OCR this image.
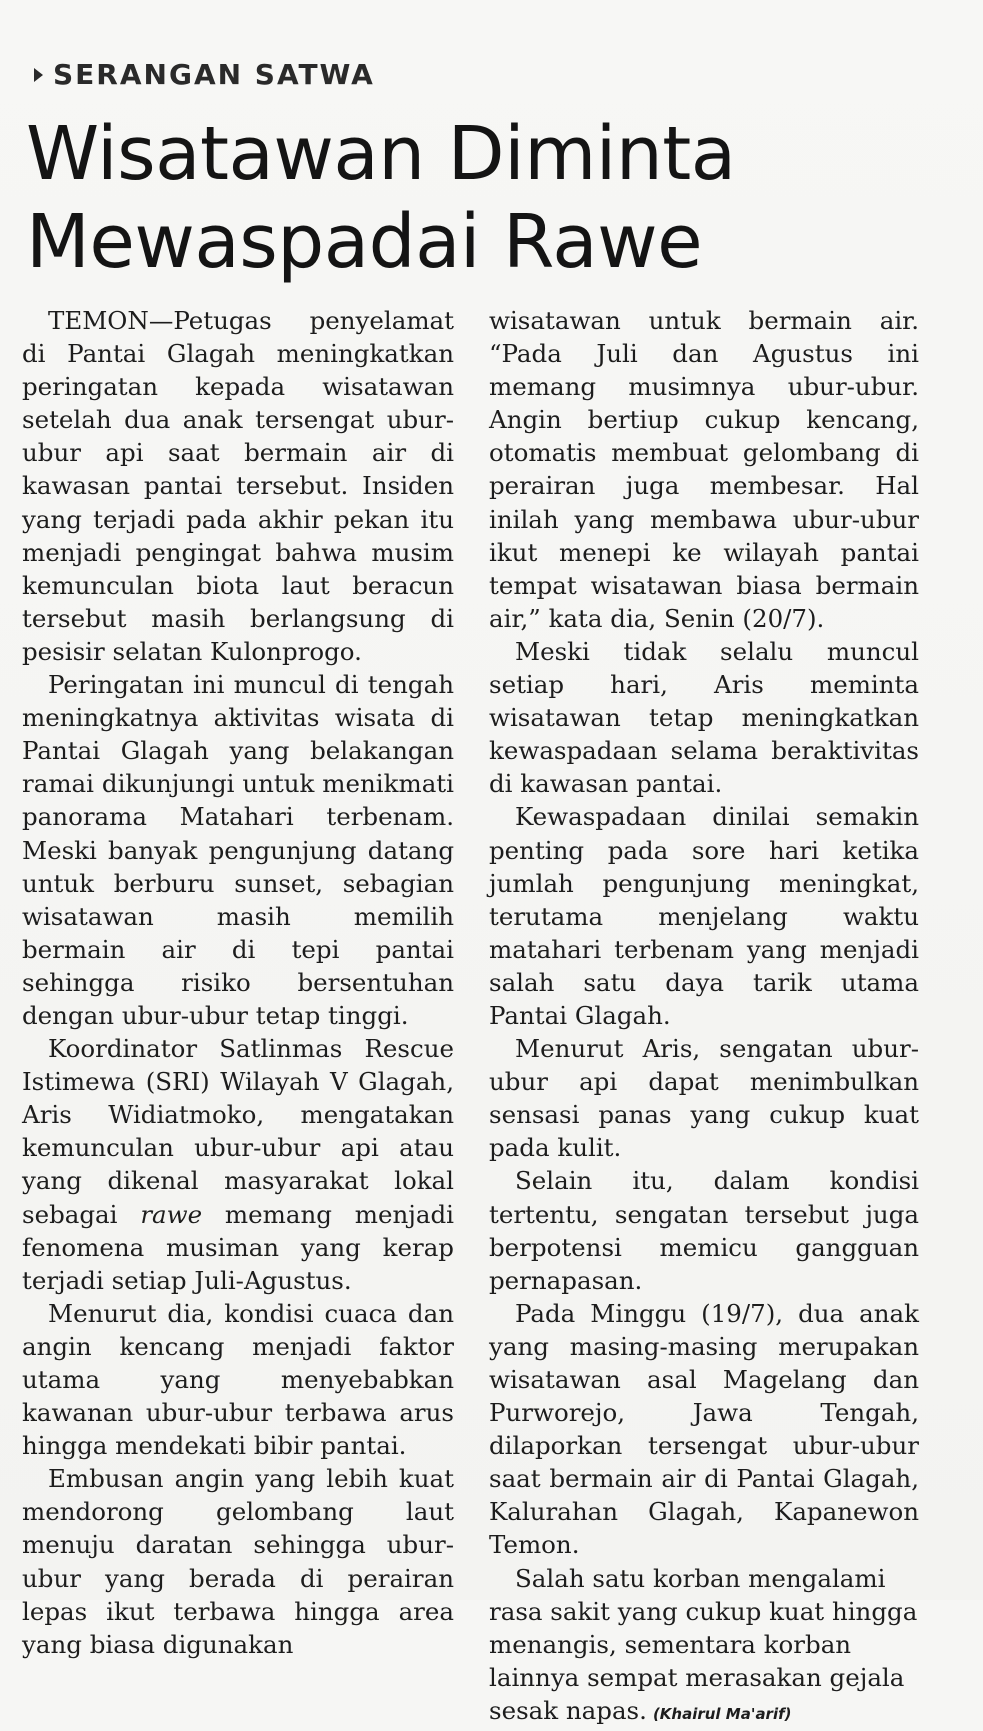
SERANGAN SATWA
Wisatawan Diminta
Mewaspadai Rawe

TEMON—Petugas penyelamat di Pantai Glagah meningkatkan peringatan kepada wisatawan setelah dua anak tersengat ubur-ubur api saat bermain air di kawasan pantai tersebut. Insiden yang terjadi pada akhir pekan itu menjadi pengingat bahwa musim kemunculan biota laut beracun tersebut masih berlangsung di pesisir selatan Kulonprogo.

Peringatan ini muncul di tengah meningkatnya aktivitas wisata di Pantai Glagah yang belakangan ramai dikunjungi untuk menikmati panorama Matahari terbenam. Meski banyak pengunjung datang untuk berburu sunset, sebagian wisatawan masih memilih bermain air di tepi pantai sehingga risiko bersentuhan dengan ubur-ubur tetap tinggi.

Koordinator Satlinmas Rescue Istimewa (SRI) Wilayah V Glagah, Aris Widiatmoko, mengatakan kemunculan ubur-ubur api atau yang dikenal masyarakat lokal sebagai rawe memang menjadi fenomena musiman yang kerap terjadi setiap Juli-Agustus.

Menurut dia, kondisi cuaca dan angin kencang menjadi faktor utama yang menyebabkan kawanan ubur-ubur terbawa arus hingga mendekati bibir pantai.

Embusan angin yang lebih kuat mendorong gelombang laut menuju daratan sehingga ubur-ubur yang berada di perairan lepas ikut terbawa hingga area yang biasa digunakan

wisatawan untuk bermain air. “Pada Juli dan Agustus ini memang musimnya ubur-ubur. Angin bertiup cukup kencang, otomatis membuat gelombang di perairan juga membesar. Hal inilah yang membawa ubur-ubur ikut menepi ke wilayah pantai tempat wisatawan biasa bermain air,” kata dia, Senin (20/7).

Meski tidak selalu muncul setiap hari, Aris meminta wisatawan tetap meningkatkan kewaspadaan selama beraktivitas di kawasan pantai.

Kewaspadaan dinilai semakin penting pada sore hari ketika jumlah pengunjung meningkat, terutama menjelang waktu matahari terbenam yang menjadi salah satu daya tarik utama Pantai Glagah.

Menurut Aris, sengatan ubur-ubur api dapat menimbulkan sensasi panas yang cukup kuat pada kulit.

Selain itu, dalam kondisi tertentu, sengatan tersebut juga berpotensi memicu gangguan pernapasan.

Pada Minggu (19/7), dua anak yang masing-masing merupakan wisatawan asal Magelang dan Purworejo, Jawa Tengah, dilaporkan tersengat ubur-ubur saat bermain air di Pantai Glagah, Kalurahan Glagah, Kapanewon Temon.

Salah satu korban mengalami rasa sakit yang cukup kuat hingga menangis, sementara korban lainnya sempat merasakan gejala sesak napas. (Khairul Ma'arif)
